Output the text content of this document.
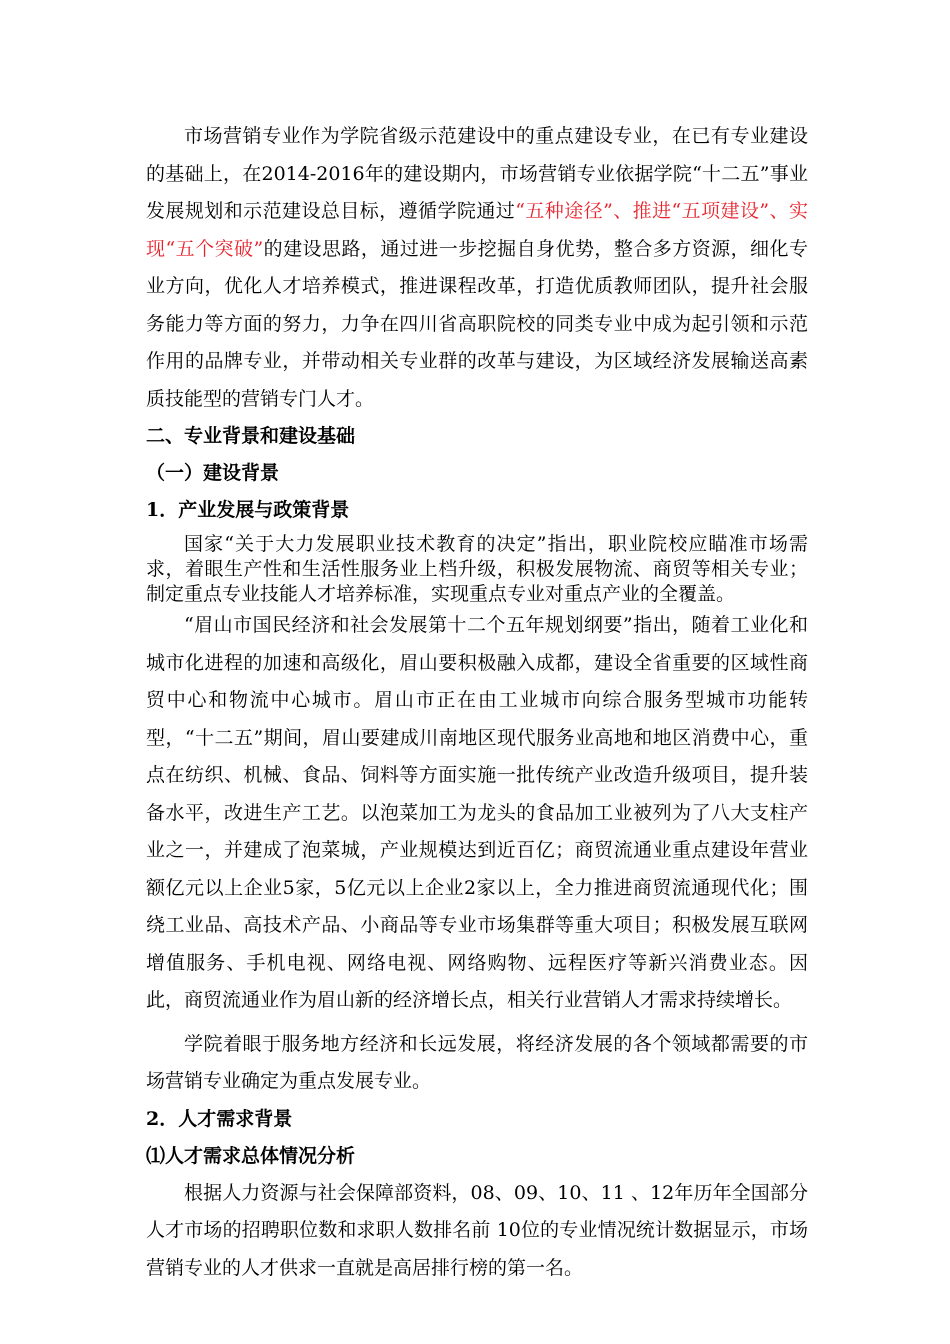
市场营销专业作为学院省级示范建设中的重点建设专业，在已有专业建设的基础上，在2014-2016年的建设期内，市场营销专业依据学院“十二五”事业发展规划和示范建设总目标，遵循学院通过“五种途径”、推进“五项建设”、实现“五个突破”的建设思路，通过进一步挖掘自身优势，整合多方资源，细化专业方向，优化人才培养模式，推进课程改革，打造优质教师团队，提升社会服务能力等方面的努力，力争在四川省高职院校的同类专业中成为起引领和示范作用的品牌专业，并带动相关专业群的改革与建设，为区域经济发展输送高素质技能型的营销专门人才。

二、专业背景和建设基础

（一）建设背景

1．产业发展与政策背景

国家“关于大力发展职业技术教育的决定”指出，职业院校应瞄准市场需求，着眼生产性和生活性服务业上档升级，积极发展物流、商贸等相关专业；制定重点专业技能人才培养标准，实现重点专业对重点产业的全覆盖。

“眉山市国民经济和社会发展第十二个五年规划纲要”指出，随着工业化和城市化进程的加速和高级化，眉山要积极融入成都，建设全省重要的区域性商贸中心和物流中心城市。眉山市正在由工业城市向综合服务型城市功能转型，“十二五”期间，眉山要建成川南地区现代服务业高地和地区消费中心，重点在纺织、机械、食品、饲料等方面实施一批传统产业改造升级项目，提升装备水平，改进生产工艺。以泡菜加工为龙头的食品加工业被列为了八大支柱产业之一，并建成了泡菜城，产业规模达到近百亿；商贸流通业重点建设年营业额亿元以上企业5家，5亿元以上企业2家以上，全力推进商贸流通现代化；围绕工业品、高技术产品、小商品等专业市场集群等重大项目；积极发展互联网增值服务、手机电视、网络电视、网络购物、远程医疗等新兴消费业态。因此，商贸流通业作为眉山新的经济增长点，相关行业营销人才需求持续增长。

学院着眼于服务地方经济和长远发展，将经济发展的各个领域都需要的市场营销专业确定为重点发展专业。

2．人才需求背景

⑴人才需求总体情况分析

根据人力资源与社会保障部资料，08、09、10、11 、12年历年全国部分人才市场的招聘职位数和求职人数排名前 10位的专业情况统计数据显示，市场营销专业的人才供求一直就是高居排行榜的第一名。
